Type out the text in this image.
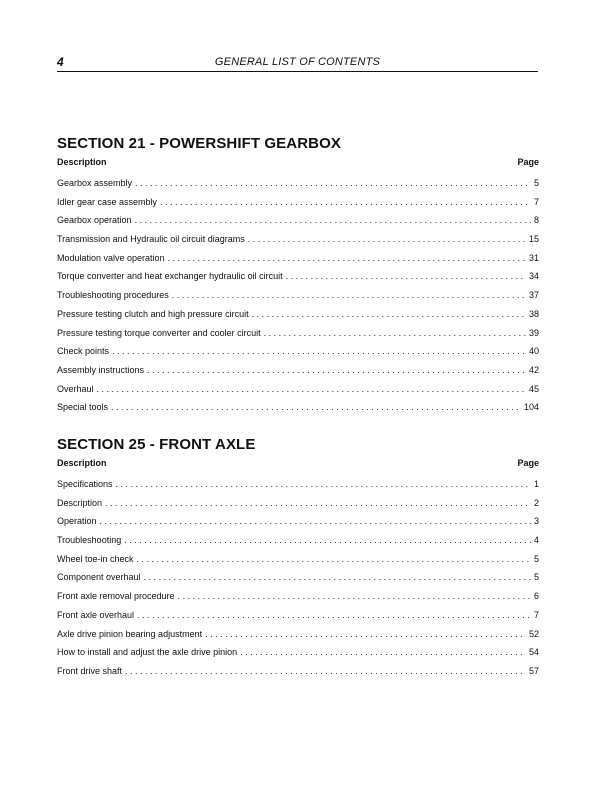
4	GENERAL LIST OF CONTENTS
SECTION 21 - POWERSHIFT GEARBOX
Description	Page
Gearbox assembly . . .	5
Idler gear case assembly . . .	7
Gearbox operation . . .	8
Transmission and Hydraulic oil circuit diagrams . . .	15
Modulation valve operation . . .	31
Torque converter and heat exchanger hydraulic oil circuit . . .	34
Troubleshooting procedures . . .	37
Pressure testing clutch and high pressure circuit . . .	38
Pressure testing torque converter and cooler circuit . . .	39
Check points . . .	40
Assembly instructions . . .	42
Overhaul . . .	45
Special tools . . .	104
SECTION 25 - FRONT AXLE
Description	Page
Specifications . . .	1
Description . . .	2
Operation . . .	3
Troubleshooting . . .	4
Wheel toe-in check . . .	5
Component overhaul . . .	5
Front axle removal procedure . . .	6
Front axle overhaul . . .	7
Axle drive pinion bearing adjustment . . .	52
How to install and adjust the axle drive pinion . . .	54
Front drive shaft . . .	57
